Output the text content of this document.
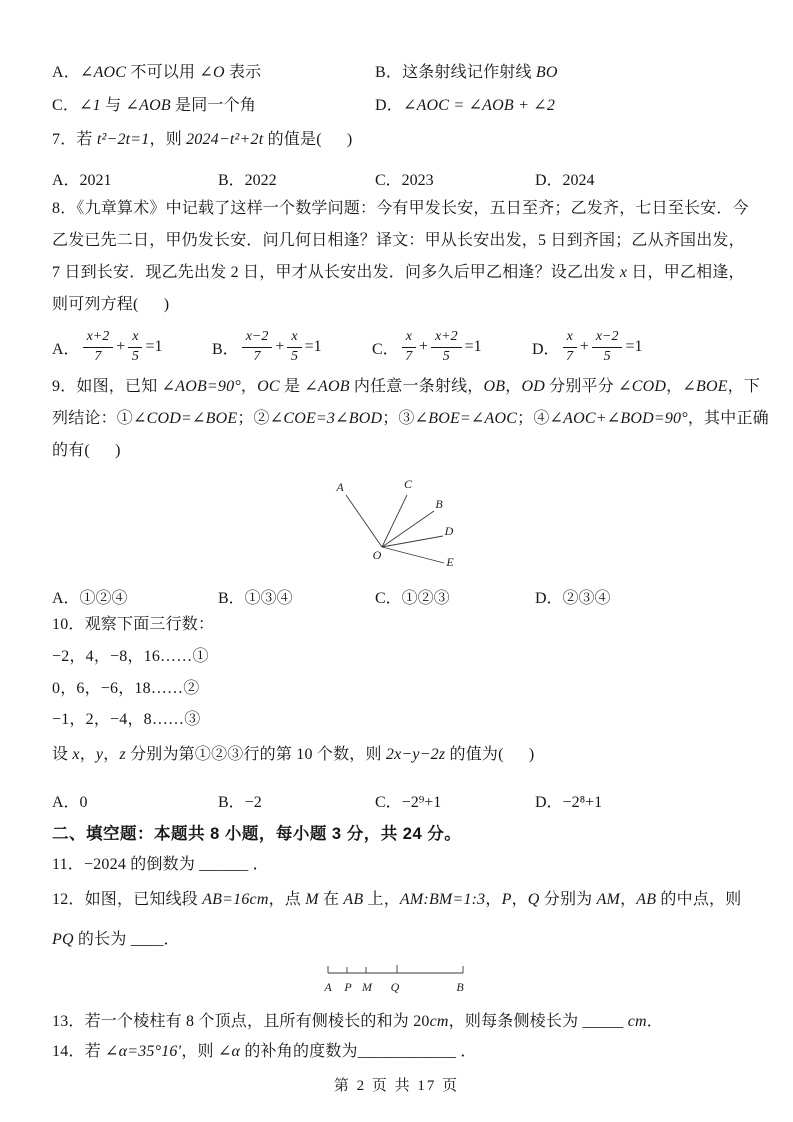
A．∠AOC 不可以用 ∠O 表示	B．这条射线记作射线 BO
C．∠1 与 ∠AOB 是同一个角	D．∠AOC = ∠AOB + ∠2
7．若 t²−2t=1，则 2024−t²+2t 的值是(      )
A．2021	B．2022	C．2023	D．2024
8．《九章算术》中记载了这样一个数学问题：今有甲发长安，五日至齐；乙发齐，七日至长安．今
乙发已先二日，甲仍发长安．问几何日相逢？译文：甲从长安出发，5 日到齐国；乙从齐国出发，
7 日到长安．现乙先出发 2 日，甲才从长安出发．问多久后甲乙相逢？设乙出发 x 日，甲乙相逢，
则可列方程(      )
A． $\frac{x+2}{7} + \frac{x}{5} =1$	B． $\frac{x-2}{7} + \frac{x}{5} =1$	C． $\frac{x}{7} + \frac{x+2}{5} =1$	D． $\frac{x}{7} + \frac{x-2}{5} =1$
9．如图，已知 ∠AOB=90°，OC 是 ∠AOB 内任意一条射线，OB，OD 分别平分 ∠COD，∠BOE，下
列结论：①∠COD=∠BOE；②∠COE=3∠BOD；③∠BOE=∠AOC；④∠AOC+∠BOD=90°，其中正确
的有(      )
A	C
B
D
E
O
A．①②④	B．①③④	C．①②③	D．②③④
10．观察下面三行数：
−2，4，−8，16……①
0，6，−6，18……②
−1，2，−4，8……③
设 x，y，z 分别为第①②③行的第 10 个数，则 2x−y−2z 的值为(      )
A．0	B．−2	C．−2⁹+1	D．−2⁸+1
二、填空题：本题共 8 小题，每小题 3 分，共 24 分。
11．−2024 的倒数为 ______ ．
12．如图，已知线段 AB=16cm，点 M 在 AB 上，AM:BM=1:3，P，Q 分别为 AM，AB 的中点，则
PQ 的长为 ____．
A P M Q	B
13．若一个棱柱有 8 个顶点，且所有侧棱长的和为 20cm，则每条侧棱长为 _____ cm．
14．若 ∠α=35°16′，则 ∠α 的补角的度数为____________ ．
第 2 页 共 17 页
